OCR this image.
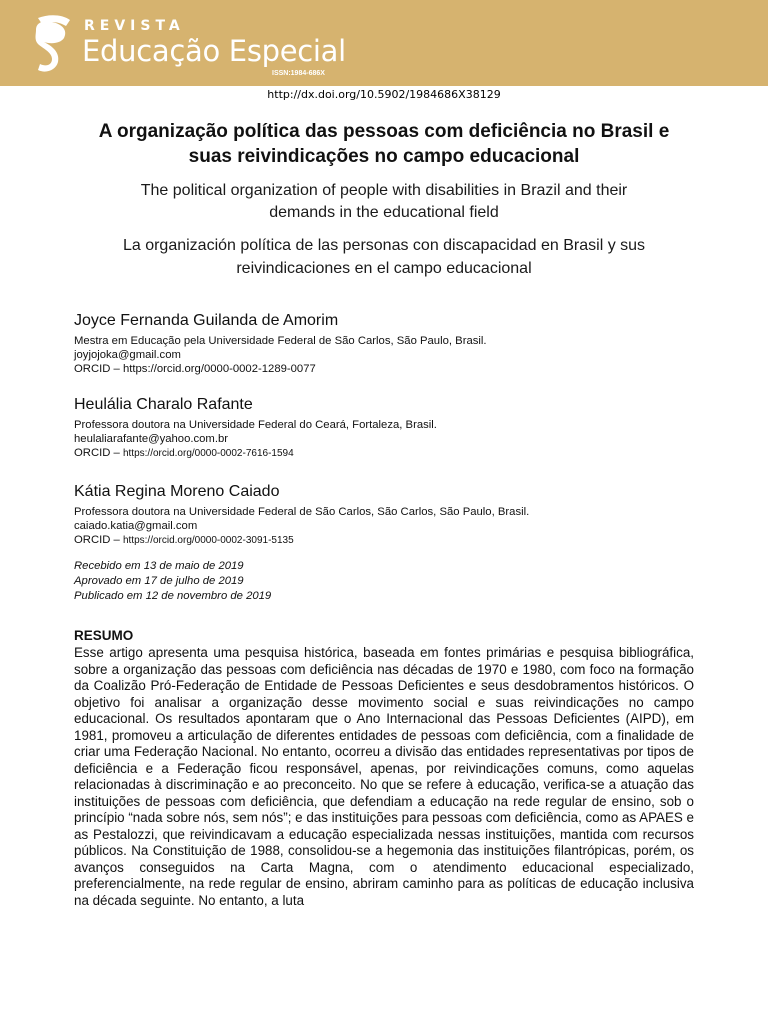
REVISTA
Educação Especial
ISSN:1984-686X
http://dx.doi.org/10.5902/1984686X38129
A organização política das pessoas com deficiência no Brasil e
suas reivindicações no campo educacional
The political organization of people with disabilities in Brazil and their
demands in the educational field
La organización política de las personas con discapacidad en Brasil y sus
reivindicaciones en el campo educacional
Joyce Fernanda Guilanda de Amorim
Mestra em Educação pela Universidade Federal de São Carlos, São Paulo, Brasil.
joyjojoka@gmail.com
ORCID – https://orcid.org/0000-0002-1289-0077
Heulália Charalo Rafante
Professora doutora na Universidade Federal do Ceará, Fortaleza, Brasil.
heulaliarafante@yahoo.com.br
ORCID – https://orcid.org/0000-0002-7616-1594
Kátia Regina Moreno Caiado
Professora doutora na Universidade Federal de São Carlos, São Carlos, São Paulo, Brasil.
caiado.katia@gmail.com
ORCID – https://orcid.org/0000-0002-3091-5135
Recebido em 13 de maio de 2019
Aprovado em 17 de julho de 2019
Publicado em 12 de novembro de 2019
RESUMO
Esse artigo apresenta uma pesquisa histórica, baseada em fontes primárias e pesquisa bibliográfica, sobre a organização das pessoas com deficiência nas décadas de 1970 e 1980, com foco na formação da Coalizão Pró-Federação de Entidade de Pessoas Deficientes e seus desdobramentos históricos. O objetivo foi analisar a organização desse movimento social e suas reivindicações no campo educacional. Os resultados apontaram que o Ano Internacional das Pessoas Deficientes (AIPD), em 1981, promoveu a articulação de diferentes entidades de pessoas com deficiência, com a finalidade de criar uma Federação Nacional. No entanto, ocorreu a divisão das entidades representativas por tipos de deficiência e a Federação ficou responsável, apenas, por reivindicações comuns, como aquelas relacionadas à discriminação e ao preconceito. No que se refere à educação, verifica-se a atuação das instituições de pessoas com deficiência, que defendiam a educação na rede regular de ensino, sob o princípio “nada sobre nós, sem nós”; e das instituições para pessoas com deficiência, como as APAES e as Pestalozzi, que reivindicavam a educação especializada nessas instituições, mantida com recursos públicos. Na Constituição de 1988, consolidou-se a hegemonia das instituições filantrópicas, porém, os avanços conseguidos na Carta Magna, com o atendimento educacional especializado, preferencialmente, na rede regular de ensino, abriram caminho para as políticas de educação inclusiva na década seguinte. No entanto, a luta
